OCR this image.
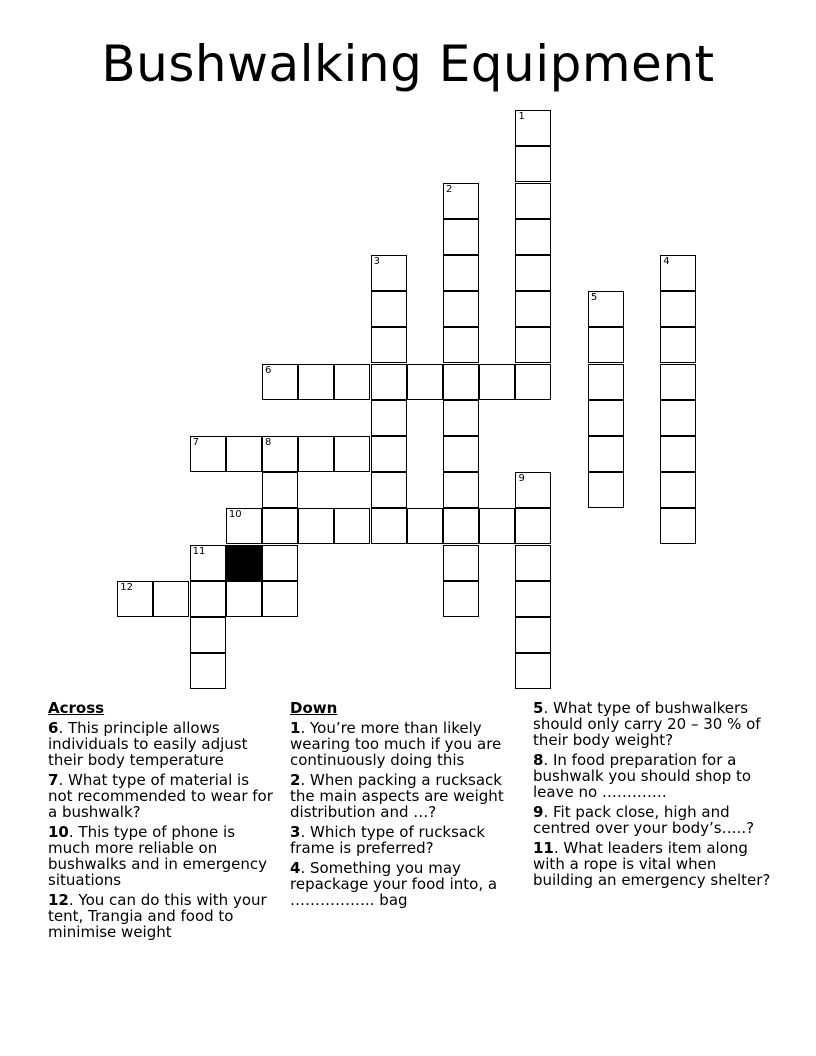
Bushwalking Equipment
1
2
3	4
5
6
7	8
9
10
11
12
Across
6. This principle allows individuals to easily adjust their body temperature
7. What type of material is not recommended to wear for a bushwalk?
10. This type of phone is much more reliable on bushwalks and in emergency situations
12. You can do this with your tent, Trangia and food to minimise weight
Down
1. You’re more than likely wearing too much if you are continuously doing this
2. When packing a rucksack the main aspects are weight distribution and …?
3. Which type of rucksack frame is preferred?
4. Something you may repackage your food into, a …………….. bag
5. What type of bushwalkers should only carry 20 – 30 % of their body weight?
8. In food preparation for a bushwalk you should shop to leave no ………….
9. Fit pack close, high and centred over your body’s…..?
11. What leaders item along with a rope is vital when building an emergency shelter?
